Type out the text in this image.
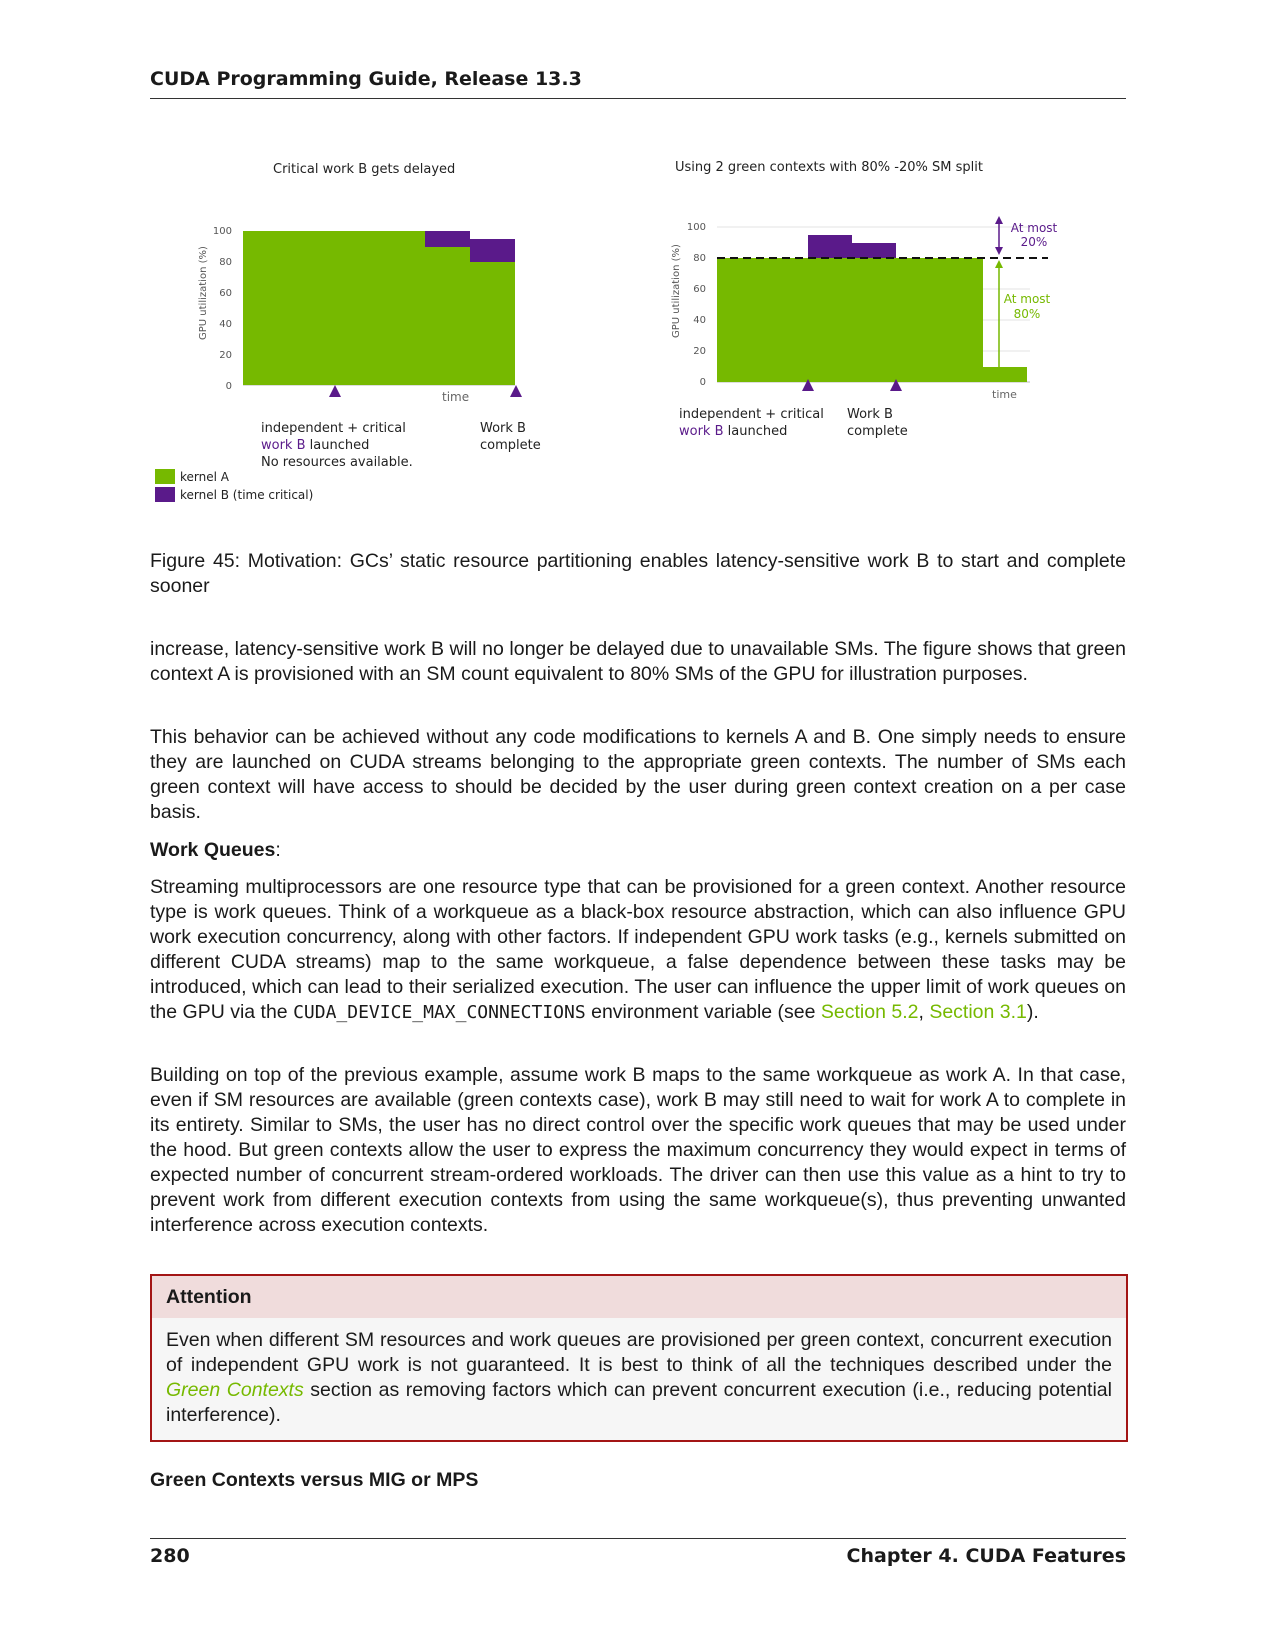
CUDA Programming Guide, Release 13.3
Critical work B gets delayed
GPU utilization (%)
100
80
60
40
20
0
time
independent + critical
work B launched
No resources available.
Work B
complete
kernel A
kernel B (time critical)
Using 2 green contexts with 80% -20% SM split
GPU utilization (%)
100
80
60
40
20
0
time
independent + critical
work B launched
Work B
complete
At most
20%
At most
80%
Figure 45: Motivation: GCs’ static resource partitioning enables latency-sensitive work B to start and complete sooner

increase, latency-sensitive work B will no longer be delayed due to unavailable SMs. The figure shows that green context A is provisioned with an SM count equivalent to 80% SMs of the GPU for illustration purposes.

This behavior can be achieved without any code modifications to kernels A and B. One simply needs to ensure they are launched on CUDA streams belonging to the appropriate green contexts. The number of SMs each green context will have access to should be decided by the user during green context creation on a per case basis.

Work Queues:

Streaming multiprocessors are one resource type that can be provisioned for a green context. Another resource type is work queues. Think of a workqueue as a black-box resource abstraction, which can also influence GPU work execution concurrency, along with other factors. If independent GPU work tasks (e.g., kernels submitted on different CUDA streams) map to the same workqueue, a false dependence between these tasks may be introduced, which can lead to their serialized execution. The user can influence the upper limit of work queues on the GPU via the CUDA_DEVICE_MAX_CONNECTIONS environment variable (see Section 5.2, Section 3.1).

Building on top of the previous example, assume work B maps to the same workqueue as work A. In that case, even if SM resources are available (green contexts case), work B may still need to wait for work A to complete in its entirety. Similar to SMs, the user has no direct control over the specific work queues that may be used under the hood. But green contexts allow the user to express the maximum concurrency they would expect in terms of expected number of concurrent stream-ordered workloads. The driver can then use this value as a hint to try to prevent work from different execution contexts from using the same workqueue(s), thus preventing unwanted interference across execution contexts.

Attention
Even when different SM resources and work queues are provisioned per green context, concurrent execution of independent GPU work is not guaranteed. It is best to think of all the techniques described under the Green Contexts section as removing factors which can prevent concurrent execution (i.e., reducing potential interference).
Green Contexts versus MIG or MPS
280	Chapter 4. CUDA Features
